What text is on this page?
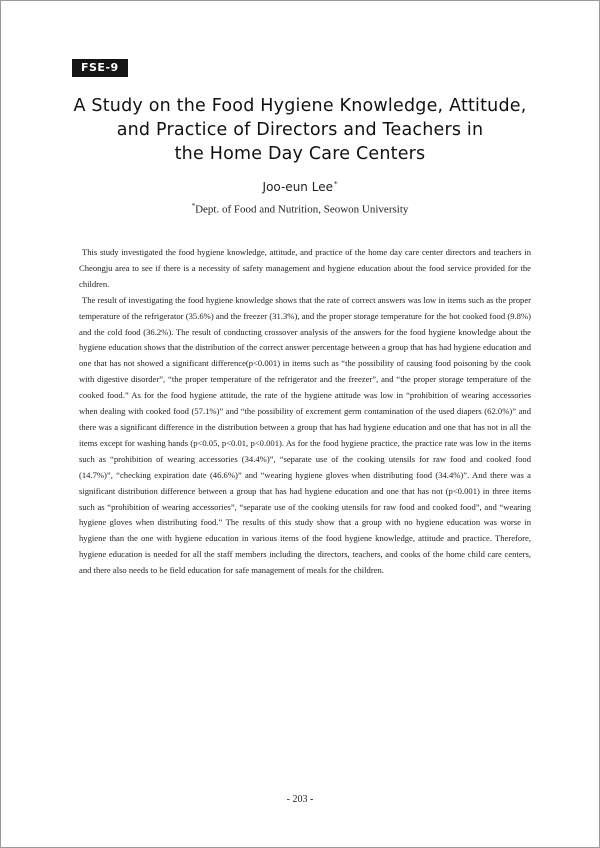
FSE-9
A Study on the Food Hygiene Knowledge, Attitude,
and Practice of Directors and Teachers in
the Home Day Care Centers
Joo-eun Lee*
*Dept. of Food and Nutrition, Seowon University

This study investigated the food hygiene knowledge, attitude, and practice of the home day care center directors and teachers in Cheongju area to see if there is a necessity of safety management and hygiene education about the food service provided for the children.

The result of investigating the food hygiene knowledge shows that the rate of correct answers was low in items such as the proper temperature of the refrigerator (35.6%) and the freezer (31.3%), and the proper storage temperature for the hot cooked food (9.8%) and the cold food (36.2%). The result of conducting crossover analysis of the answers for the food hygiene knowledge about the hygiene education shows that the distribution of the correct answer percentage between a group that has had hygiene education and one that has not showed a significant difference(p<0.001) in items such as “the possibility of causing food poisoning by the cook with digestive disorder”, “the proper temperature of the refrigerator and the freezer”, and “the proper storage temperature of the cooked food.” As for the food hygiene attitude, the rate of the hygiene attitude was low in “prohibition of wearing accessories when dealing with cooked food (57.1%)” and “the possibility of excrement germ contamination of the used diapers (62.0%)” and there was a significant difference in the distribution between a group that has had hygiene education and one that has not in all the items except for washing hands (p<0.05, p<0.01, p<0.001). As for the food hygiene practice, the practice rate was low in the items such as “prohibition of wearing accessories (34.4%)”, “separate use of the cooking utensils for raw food and cooked food (14.7%)”, “checking expiration date (46.6%)” and “wearing hygiene gloves when distributing food (34.4%)”. And there was a significant distribution difference between a group that has had hygiene education and one that has not (p<0.001) in three items such as “prohibition of wearing accessories”, “separate use of the cooking utensils for raw food and cooked food”, and “wearing hygiene gloves when distributing food.” The results of this study show that a group with no hygiene education was worse in hygiene than the one with hygiene education in various items of the food hygiene knowledge, attitude and practice. Therefore, hygiene education is needed for all the staff members including the directors, teachers, and cooks of the home child care centers, and there also needs to be field education for safe management of meals for the children.

- 203 -
